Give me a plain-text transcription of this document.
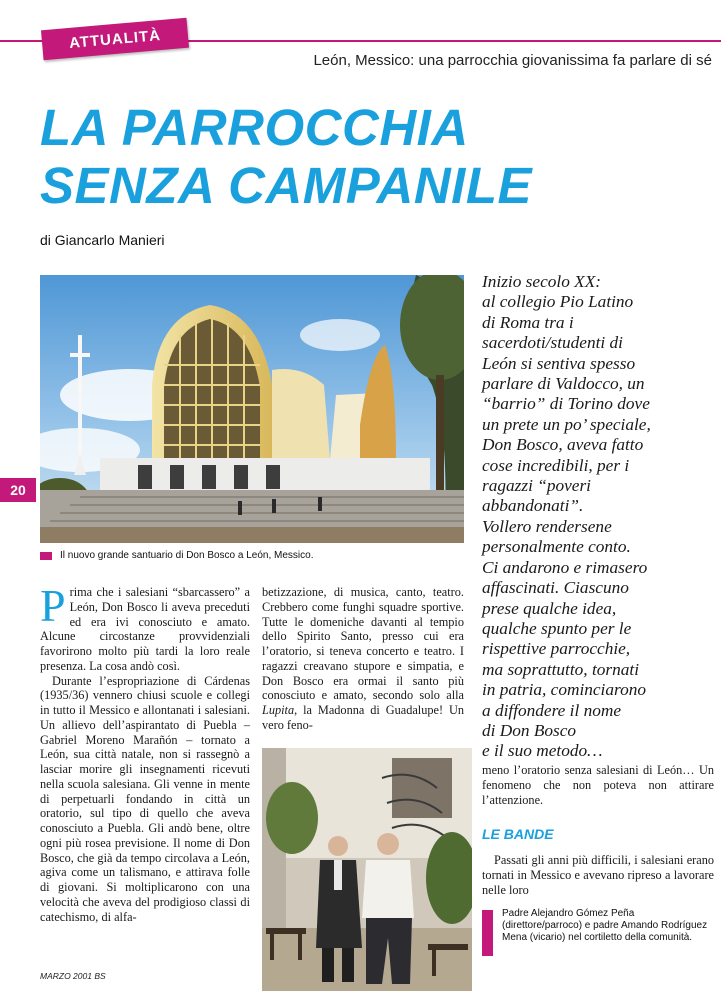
ATTUALITÀ
León, Messico: una parrocchia giovanissima fa parlare di sé
LA PARROCCHIA
SENZA CAMPANILE
di Giancarlo Manieri
Il nuovo grande santuario di Don Bosco a León, Messico.
20
Inizio secolo XX:
al collegio Pio Latino
di Roma tra i
sacerdoti/studenti di
León si sentiva spesso
parlare di Valdocco, un
“barrio” di Torino dove
un prete un po’ speciale,
Don Bosco, aveva fatto
cose incredibili, per i
ragazzi “poveri
abbandonati”.
Vollero rendersene
personalmente conto.
Ci andarono e rimasero
affascinati. Ciascuno
prese qualche idea,
qualche spunto per le
rispettive parrocchie,
ma soprattutto, tornati
in patria, cominciarono
a diffondere il nome
di Don Bosco
e il suo metodo…

Prima che i salesiani “sbarcassero” a León, Don Bosco li aveva preceduti ed era ivi conosciuto e amato. Alcune circostanze provvidenziali favorirono molto più tardi la loro reale presenza. La cosa andò così.

Durante l’espropriazione di Cárdenas (1935/36) vennero chiusi scuole e collegi in tutto il Messico e allontanati i salesiani. Un allievo dell’aspirantato di Puebla – Gabriel Moreno Marañón – tornato a León, sua città natale, non si rassegnò a lasciar morire gli insegnamenti ricevuti nella scuola salesiana. Gli venne in mente di perpetuarli fondando in città un oratorio, sul tipo di quello che aveva conosciuto a Puebla. Gli andò bene, oltre ogni più rosea previsione. Il nome di Don Bosco, che già da tempo circolava a León, agiva come un talismano, e attirava folle di giovani. Si moltiplicarono con una velocità che aveva del prodigioso classi di catechismo, di alfa-

betizzazione, di musica, canto, teatro. Crebbero come funghi squadre sportive. Tutte le domeniche davanti al tempio dello Spirito Santo, presso cui era l’oratorio, si teneva concerto e teatro. I ragazzi creavano stupore e simpatia, e Don Bosco era ormai il santo più conosciuto e amato, secondo solo alla Lupita, la Madonna di Guadalupe! Un vero feno-

meno l’oratorio senza salesiani di León… Un fenomeno che non poteva non attirare l’attenzione.

LE BANDE

Passati gli anni più difficili, i salesiani erano tornati in Messico e avevano ripreso a lavorare nelle loro

Padre Alejandro Gómez Peña (direttore/parroco) e padre Amando Rodríguez Mena (vicario) nel cortiletto della comunità.
MARZO 2001 BS
